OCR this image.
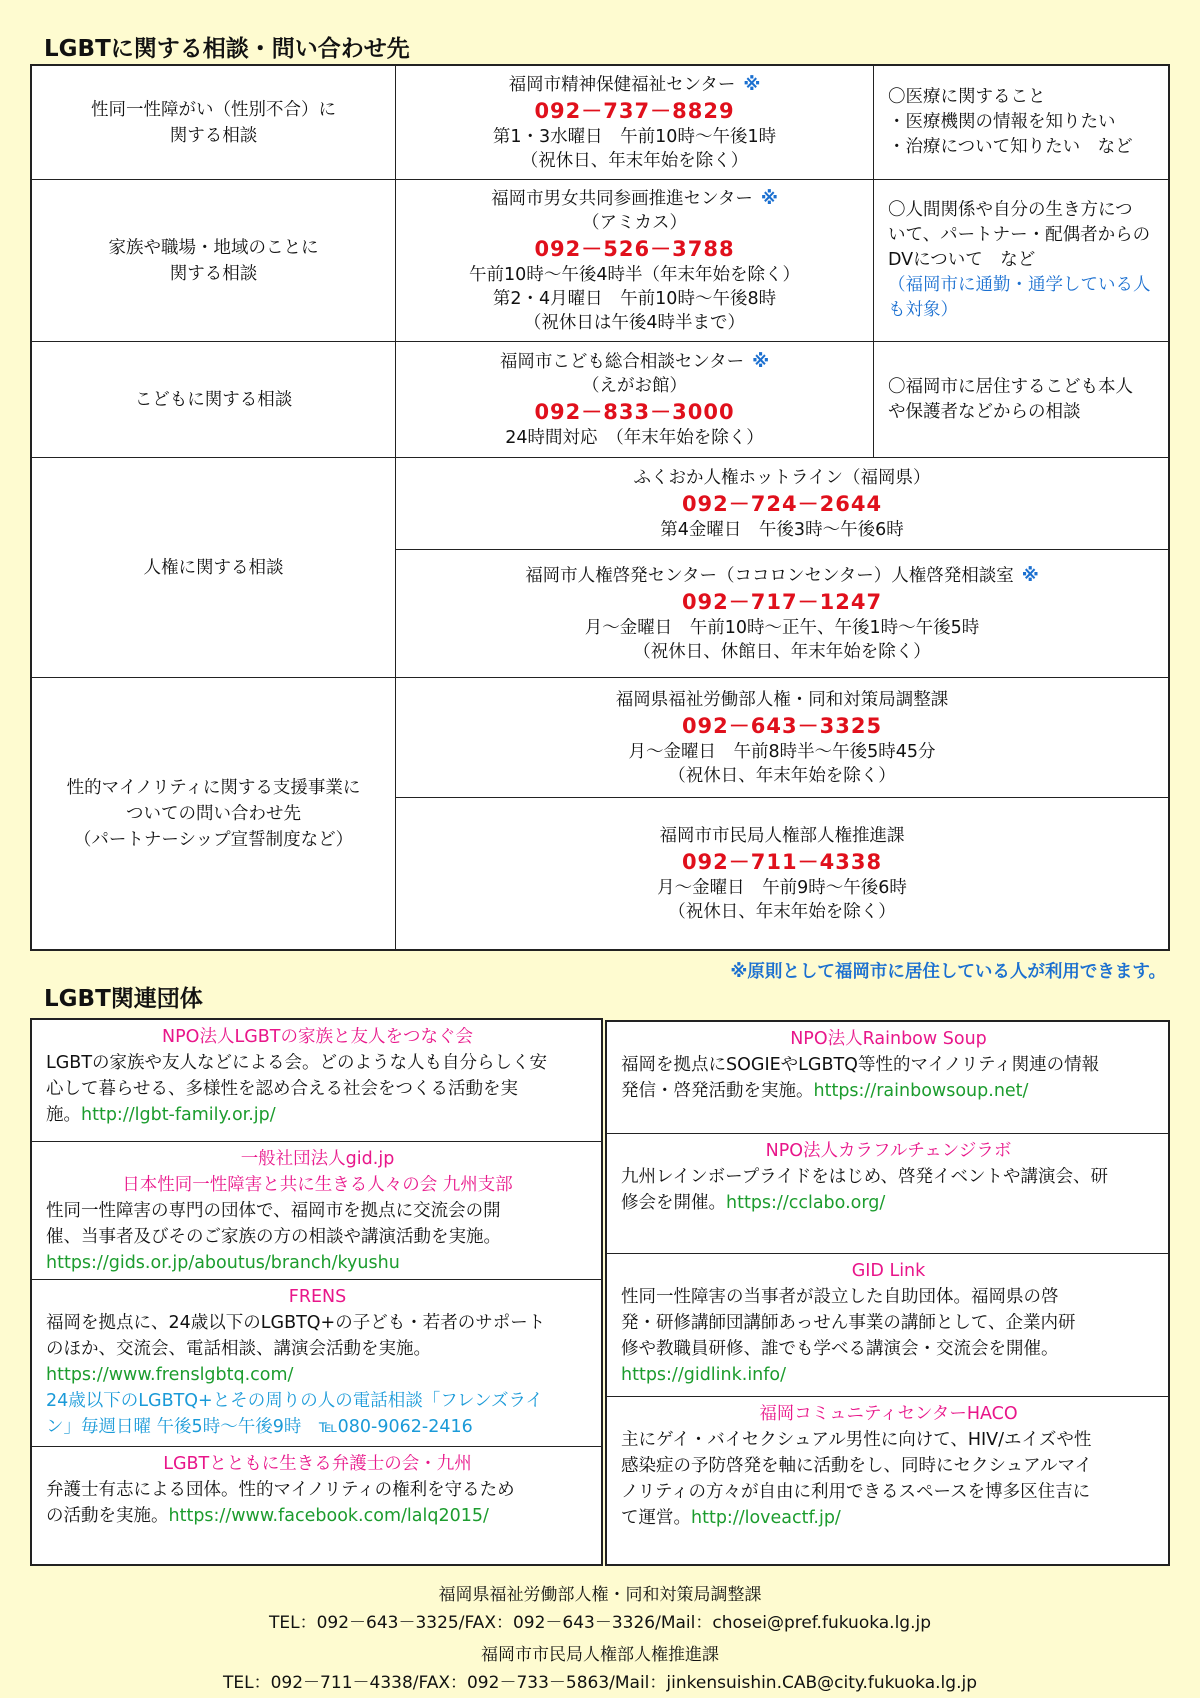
LGBTに関する相談・問い合わせ先
性同一性障がい（性別不合）に
関する相談
福岡市精神保健福祉センター ※
092－737－8829
第1・3水曜日　午前10時～午後1時
（祝休日、年末年始を除く）
〇医療に関すること
・医療機関の情報を知りたい
・治療について知りたい　など
家族や職場・地域のことに
関する相談
福岡市男女共同参画推進センター ※
（アミカス）
092－526－3788
午前10時～午後4時半（年末年始を除く）
第2・4月曜日　午前10時～午後8時
（祝休日は午後4時半まで）
〇人間関係や自分の生き方につ
いて、パートナー・配偶者からの
DVについて　など
（福岡市に通勤・通学している人
も対象）
こどもに関する相談
福岡市こども総合相談センター ※
（えがお館）
092－833－3000
24時間対応　（年末年始を除く）
〇福岡市に居住するこども本人
や保護者などからの相談
人権に関する相談
ふくおか人権ホットライン（福岡県）
092－724－2644
第4金曜日　午後3時～午後6時
福岡市人権啓発センター（ココロンセンター）人権啓発相談室 ※
092－717－1247
月～金曜日　午前10時～正午、午後1時～午後5時
（祝休日、休館日、年末年始を除く）
性的マイノリティに関する支援事業に
ついての問い合わせ先
（パートナーシップ宣誓制度など）
福岡県福祉労働部人権・同和対策局調整課
092－643－3325
月～金曜日　午前8時半～午後5時45分
（祝休日、年末年始を除く）
福岡市市民局人権部人権推進課
092－711－4338
月～金曜日　午前9時～午後6時
（祝休日、年末年始を除く）
※原則として福岡市に居住している人が利用できます。
LGBT関連団体
NPO法人LGBTの家族と友人をつなぐ会
LGBTの家族や友人などによる会。どのような人も自分らしく安
心して暮らせる、多様性を認め合える社会をつくる活動を実
施。http://lgbt-family.or.jp/
一般社団法人gid.jp
日本性同一性障害と共に生きる人々の会 九州支部
性同一性障害の専門の団体で、福岡市を拠点に交流会の開
催、当事者及びそのご家族の方の相談や講演活動を実施。
https://gids.or.jp/aboutus/branch/kyushu
FRENS
福岡を拠点に、24歳以下のLGBTQ+の子ども・若者のサポート
のほか、交流会、電話相談、講演会活動を実施。
https://www.frenslgbtq.com/
24歳以下のLGBTQ+とその周りの人の電話相談「フレンズライ
ン」毎週日曜 午後5時～午後9時　℡080-9062-2416
LGBTとともに生きる弁護士の会・九州
弁護士有志による団体。性的マイノリティの権利を守るため
の活動を実施。https://www.facebook.com/lalq2015/
NPO法人Rainbow Soup
福岡を拠点にSOGIEやLGBTQ等性的マイノリティ関連の情報
発信・啓発活動を実施。https://rainbowsoup.net/
NPO法人カラフルチェンジラボ
九州レインボープライドをはじめ、啓発イベントや講演会、研
修会を開催。https://cclabo.org/
GID Link
性同一性障害の当事者が設立した自助団体。福岡県の啓
発・研修講師団講師あっせん事業の講師として、企業内研
修や教職員研修、誰でも学べる講演会・交流会を開催。
https://gidlink.info/
福岡コミュニティセンターHACO
主にゲイ・バイセクシュアル男性に向けて、HIV/エイズや性
感染症の予防啓発を軸に活動をし、同時にセクシュアルマイ
ノリティの方々が自由に利用できるスペースを博多区住吉に
て運営。http://loveactf.jp/
福岡県福祉労働部人権・同和対策局調整課
TEL：092－643－3325/FAX：092－643－3326/Mail：chosei@pref.fukuoka.lg.jp
福岡市市民局人権部人権推進課
TEL：092－711－4338/FAX：092－733－5863/Mail：jinkensuishin.CAB@city.fukuoka.lg.jp
